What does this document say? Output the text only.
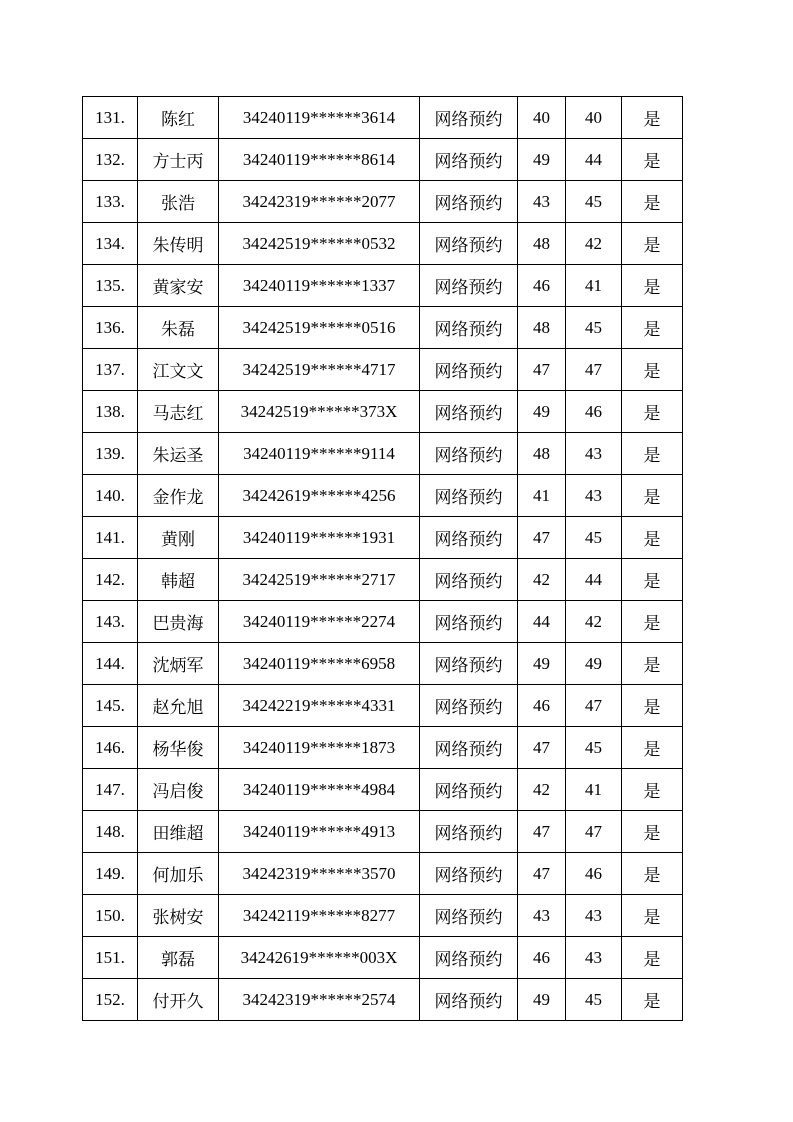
131.	陈红	34240119******3614	网络预约	40	40	是
132.	方士丙	34240119******8614	网络预约	49	44	是
133.	张浩	34242319******2077	网络预约	43	45	是
134.	朱传明	34242519******0532	网络预约	48	42	是
135.	黄家安	34240119******1337	网络预约	46	41	是
136.	朱磊	34242519******0516	网络预约	48	45	是
137.	江文文	34242519******4717	网络预约	47	47	是
138.	马志红	34242519******373X	网络预约	49	46	是
139.	朱运圣	34240119******9114	网络预约	48	43	是
140.	金作龙	34242619******4256	网络预约	41	43	是
141.	黄刚	34240119******1931	网络预约	47	45	是
142.	韩超	34242519******2717	网络预约	42	44	是
143.	巴贵海	34240119******2274	网络预约	44	42	是
144.	沈炳军	34240119******6958	网络预约	49	49	是
145.	赵允旭	34242219******4331	网络预约	46	47	是
146.	杨华俊	34240119******1873	网络预约	47	45	是
147.	冯启俊	34240119******4984	网络预约	42	41	是
148.	田维超	34240119******4913	网络预约	47	47	是
149.	何加乐	34242319******3570	网络预约	47	46	是
150.	张树安	34242119******8277	网络预约	43	43	是
151.	郭磊	34242619******003X	网络预约	46	43	是
152.	付开久	34242319******2574	网络预约	49	45	是
